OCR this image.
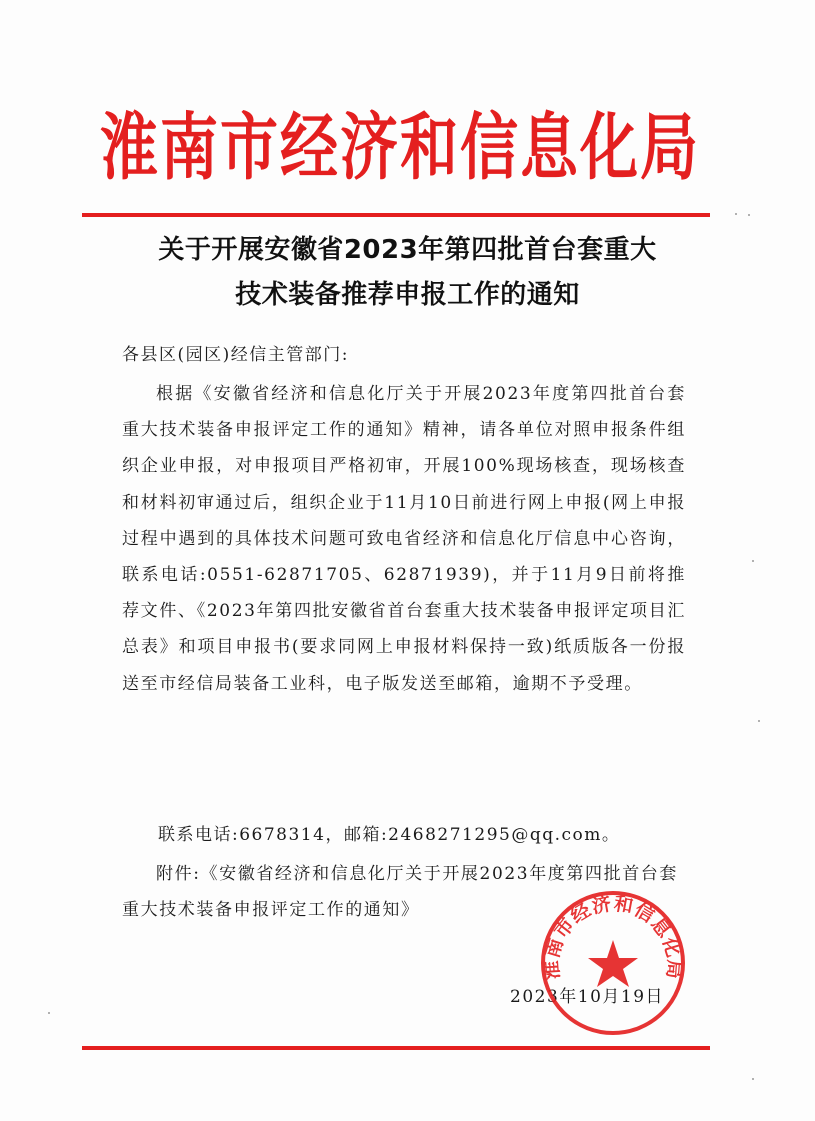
淮南市经济和信息化局
关于开展安徽省2023年第四批首台套重大
技术装备推荐申报工作的通知
各县区(园区)经信主管部门:
根据《安徽省经济和信息化厅关于开展2023年度第四批首台套重大技术装备申报评定工作的通知》精神，请各单位对照申报条件组织企业申报，对申报项目严格初审，开展100%现场核查，现场核查和材料初审通过后，组织企业于11月10日前进行网上申报(网上申报过程中遇到的具体技术问题可致电省经济和信息化厅信息中心咨询，联系电话:0551-62871705、62871939)，并于11月9日前将推荐文件、《2023年第四批安徽省首台套重大技术装备申报评定项目汇总表》和项目申报书(要求同网上申报材料保持一致)纸质版各一份报送至市经信局装备工业科，电子版发送至邮箱，逾期不予受理。
联系电话:6678314，邮箱:2468271295@qq.com。
附件:《安徽省经济和信息化厅关于开展2023年度第四批首台套重大技术装备申报评定工作的通知》
2023年10月19日
淮南市经济和信息化局
